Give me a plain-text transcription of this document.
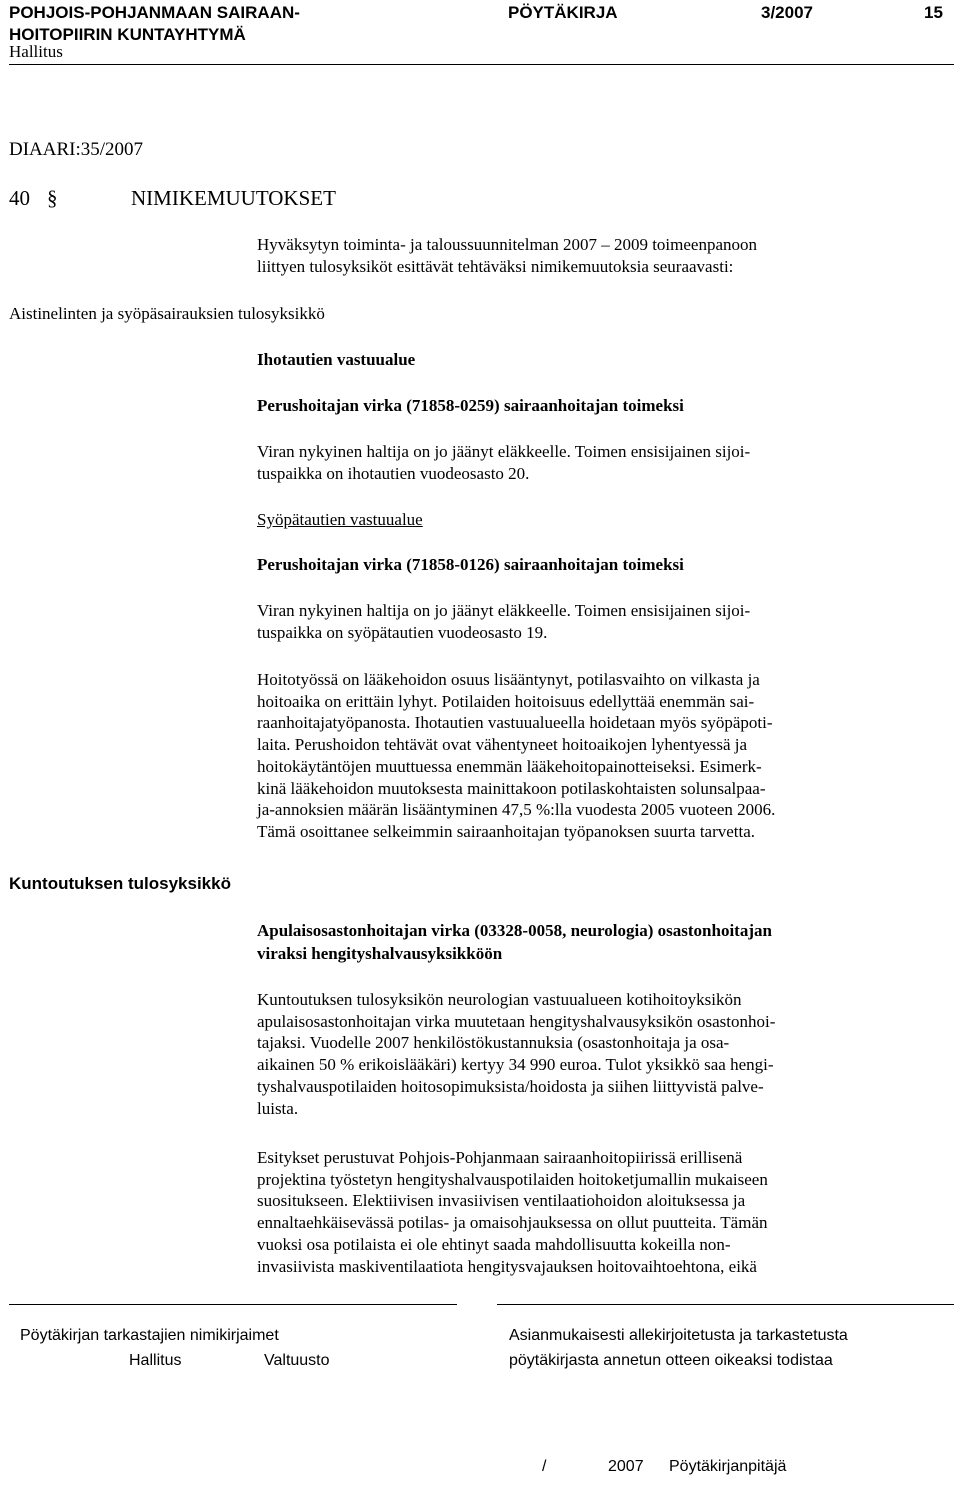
POHJOIS-POHJANMAAN SAIRAAN-
HOITOPIIRIN KUNTAYHTYMÄ
PÖYTÄKIRJA	3/2007	15
Hallitus
DIAARI:35/2007
40 §	NIMIKEMUUTOKSET
Hyväksytyn toiminta- ja taloussuunnitelman 2007 – 2009 toimeenpanoon
liittyen tulosyksiköt esittävät tehtäväksi nimikemuutoksia seuraavasti:
Aistinelinten ja syöpäsairauksien tulosyksikkö
Ihotautien vastuualue
Perushoitajan virka (71858-0259) sairaanhoitajan toimeksi
Viran nykyinen haltija on jo jäänyt eläkkeelle. Toimen ensisijainen sijoi-
tuspaikka on ihotautien vuodeosasto 20.
Syöpätautien vastuualue
Perushoitajan virka (71858-0126) sairaanhoitajan toimeksi
Viran nykyinen haltija on jo jäänyt eläkkeelle. Toimen ensisijainen sijoi-
tuspaikka on syöpätautien vuodeosasto 19.
Hoitotyössä on lääkehoidon osuus lisääntynyt, potilasvaihto on vilkasta ja
hoitoaika on erittäin lyhyt. Potilaiden hoitoisuus edellyttää enemmän sai-
raanhoitajatyöpanosta. Ihotautien vastuualueella hoidetaan myös syöpäpoti-
laita. Perushoidon tehtävät ovat vähentyneet hoitoaikojen lyhentyessä ja
hoitokäytäntöjen muuttuessa enemmän lääkehoitopainotteiseksi. Esimerk-
kinä lääkehoidon muutoksesta mainittakoon potilaskohtaisten solunsalpaa-
ja-annoksien määrän lisääntyminen 47,5 %:lla vuodesta 2005 vuoteen 2006.
Tämä osoittanee selkeimmin sairaanhoitajan työpanoksen suurta tarvetta.
Kuntoutuksen tulosyksikkö
Apulaisosastonhoitajan virka (03328-0058, neurologia) osastonhoitajan
viraksi hengityshalvausyksikköön
Kuntoutuksen tulosyksikön neurologian vastuualueen kotihoitoyksikön
apulaisosastonhoitajan virka muutetaan hengityshalvausyksikön osastonhoi-
tajaksi. Vuodelle 2007 henkilöstökustannuksia (osastonhoitaja ja osa-
aikainen 50 % erikoislääkäri) kertyy 34 990 euroa. Tulot yksikkö saa hengi-
tyshalvauspotilaiden hoitosopimuksista/hoidosta ja siihen liittyvistä palve-
luista.
Esitykset perustuvat Pohjois-Pohjanmaan sairaanhoitopiirissä erillisenä
projektina työstetyn hengityshalvauspotilaiden hoitoketjumallin mukaiseen
suositukseen. Elektiivisen invasiivisen ventilaatiohoidon aloituksessa ja
ennaltaehkäisevässä potilas- ja omaisohjauksessa on ollut puutteita. Tämän
vuoksi osa potilaista ei ole ehtinyt saada mahdollisuutta kokeilla non-
invasiivista maskiventilaatiota hengitysvajauksen hoitovaihtoehtona, eikä
Pöytäkirjan tarkastajien nimikirjaimet
Hallitus	Valtuusto
Asianmukaisesti allekirjoitetusta ja tarkastetusta
pöytäkirjasta annetun otteen oikeaksi todistaa
/	2007 Pöytäkirjanpitäjä
